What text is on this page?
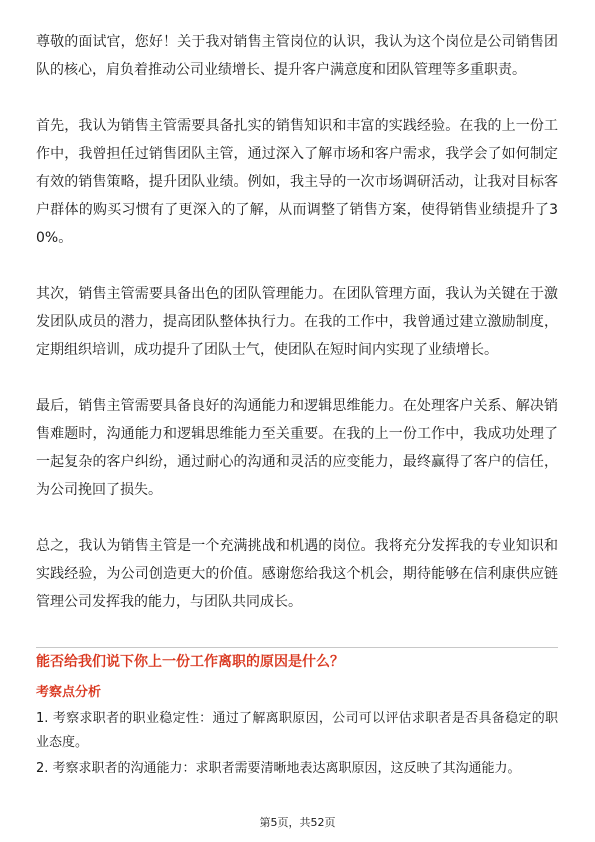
尊敬的面试官，您好！关于我对销售主管岗位的认识，我认为这个岗位是公司销售团队的核心，肩负着推动公司业绩增长、提升客户满意度和团队管理等多重职责。

首先，我认为销售主管需要具备扎实的销售知识和丰富的实践经验。在我的上一份工作中，我曾担任过销售团队主管，通过深入了解市场和客户需求，我学会了如何制定有效的销售策略，提升团队业绩。例如，我主导的一次市场调研活动，让我对目标客户群体的购买习惯有了更深入的了解，从而调整了销售方案，使得销售业绩提升了30%。

其次，销售主管需要具备出色的团队管理能力。在团队管理方面，我认为关键在于激发团队成员的潜力，提高团队整体执行力。在我的工作中，我曾通过建立激励制度，定期组织培训，成功提升了团队士气，使团队在短时间内实现了业绩增长。

最后，销售主管需要具备良好的沟通能力和逻辑思维能力。在处理客户关系、解决销售难题时，沟通能力和逻辑思维能力至关重要。在我的上一份工作中，我成功处理了一起复杂的客户纠纷，通过耐心的沟通和灵活的应变能力，最终赢得了客户的信任，为公司挽回了损失。

总之，我认为销售主管是一个充满挑战和机遇的岗位。我将充分发挥我的专业知识和实践经验，为公司创造更大的价值。感谢您给我这个机会，期待能够在信利康供应链管理公司发挥我的能力，与团队共同成长。

能否给我们说下你上一份工作离职的原因是什么？
考察点分析
1. 考察求职者的职业稳定性：通过了解离职原因，公司可以评估求职者是否具备稳定的职业态度。
2. 考察求职者的沟通能力：求职者需要清晰地表达离职原因，这反映了其沟通能力。
第5页，共52页
